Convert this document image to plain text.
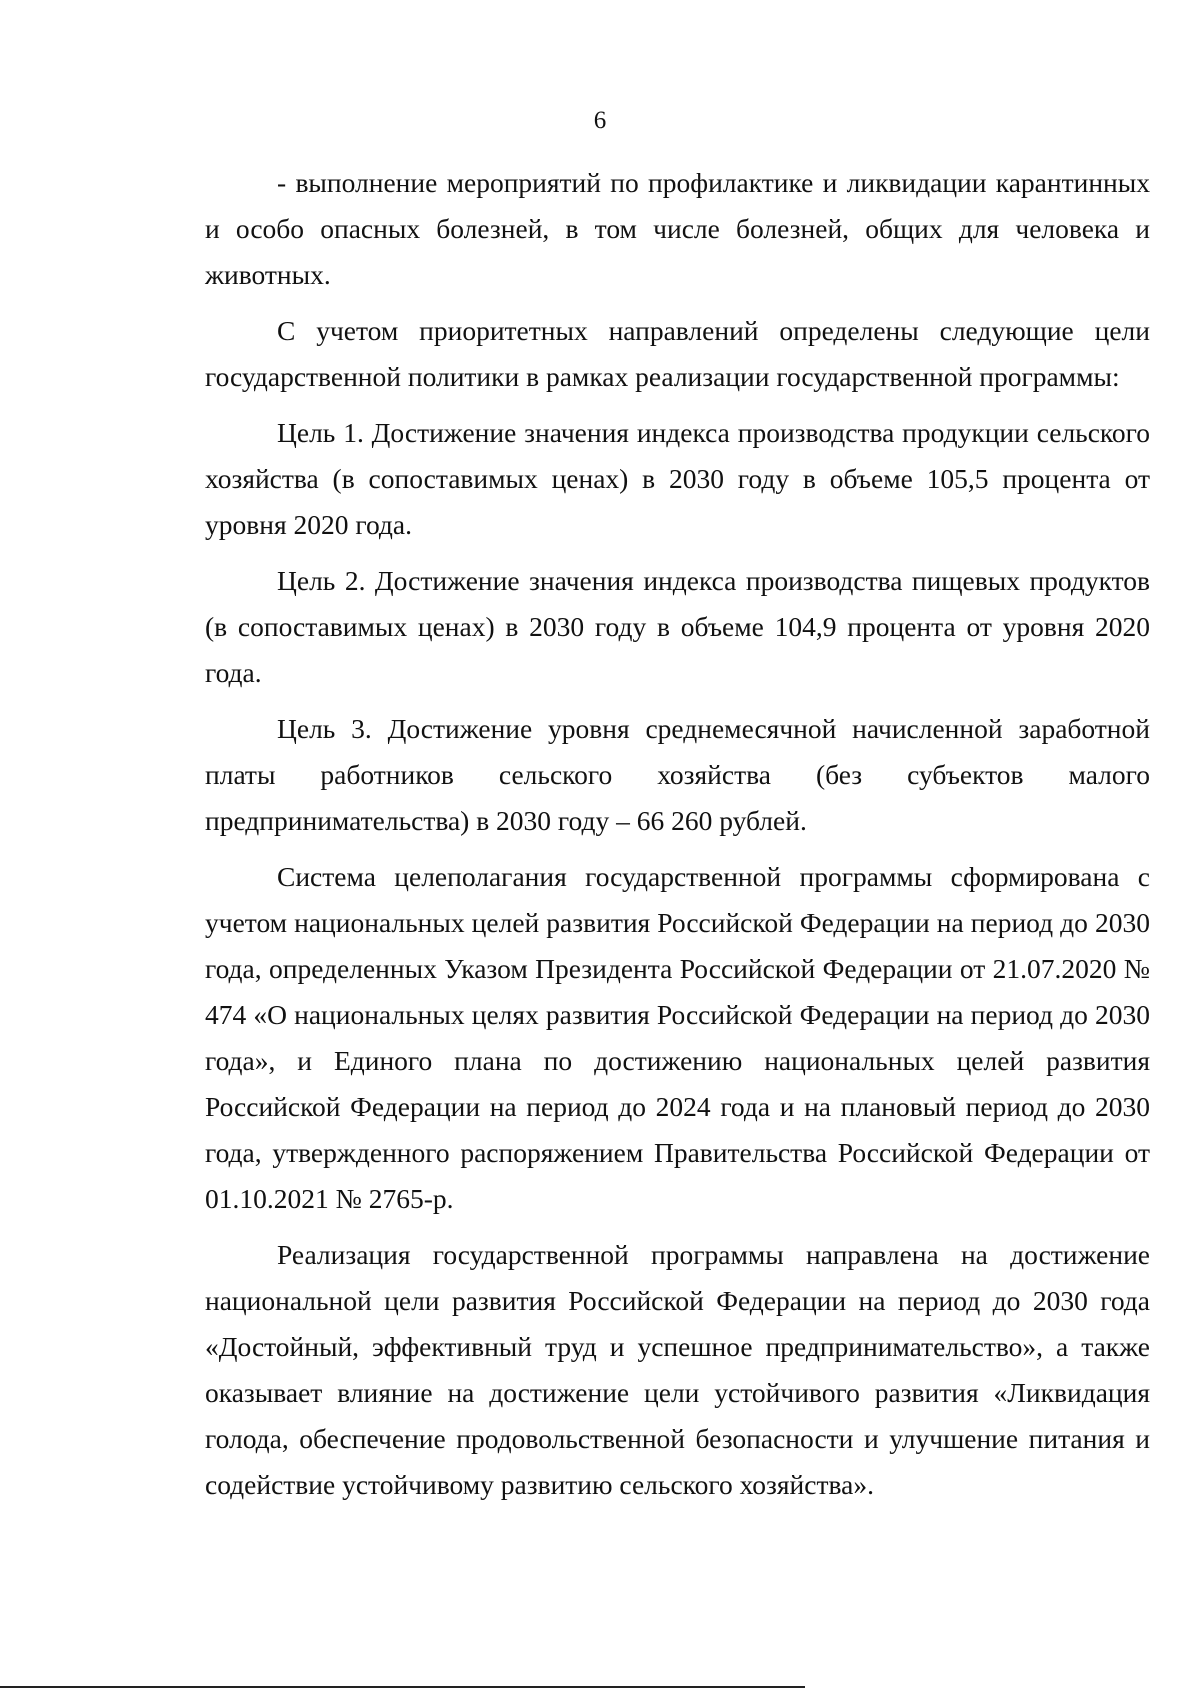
6

- выполнение мероприятий по профилактике и ликвидации карантинных и особо опасных болезней, в том числе болезней, общих для человека и животных.

С учетом приоритетных направлений определены следующие цели государственной политики в рамках реализации государственной программы:

Цель 1. Достижение значения индекса производства продукции сельского хозяйства (в сопоставимых ценах) в 2030 году в объеме 105,5 процента от уровня 2020 года.

Цель 2. Достижение значения индекса производства пищевых продуктов (в сопоставимых ценах) в 2030 году в объеме 104,9 процента от уровня 2020 года.

Цель 3. Достижение уровня среднемесячной начисленной заработной платы работников сельского хозяйства (без субъектов малого предпринимательства) в 2030 году – 66 260 рублей.

Система целеполагания государственной программы сформирована с учетом национальных целей развития Российской Федерации на период до 2030 года, определенных Указом Президента Российской Федерации от 21.07.2020 № 474 «О национальных целях развития Российской Федерации на период до 2030 года», и Единого плана по достижению национальных целей развития Российской Федерации на период до 2024 года и на плановый период до 2030 года, утвержденного распоряжением Правительства Российской Федерации от 01.10.2021 № 2765-р.

Реализация государственной программы направлена на достижение национальной цели развития Российской Федерации на период до 2030 года «Достойный, эффективный труд и успешное предпринимательство», а также оказывает влияние на достижение цели устойчивого развития «Ликвидация голода, обеспечение продовольственной безопасности и улучшение питания и содействие устойчивому развитию сельского хозяйства».
